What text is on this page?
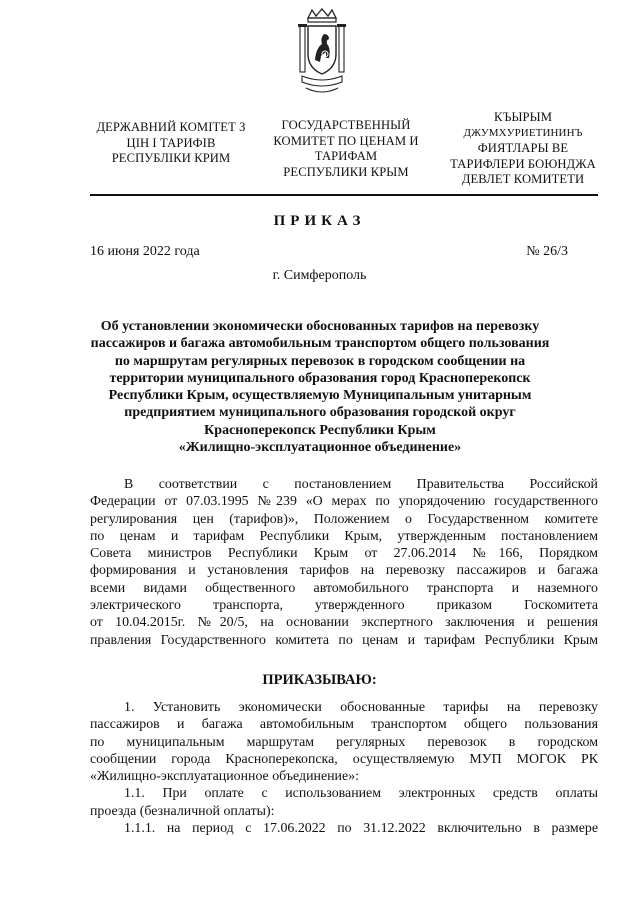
ДЕРЖАВНИЙ КОМІТЕТ З
ЦІН І ТАРИФІВ
РЕСПУБЛІКИ КРИМ
ГОСУДАРСТВЕННЫЙ
КОМИТЕТ ПО ЦЕНАМ И
ТАРИФАМ
РЕСПУБЛИКИ КРЫМ
КЪЫРЫМ
ДЖУМХУРИЕТИНИНЪ
ФИЯТЛАРЫ ВЕ
ТАРИФЛЕРИ БОЮНДЖА
ДЕВЛЕТ КОМИТЕТИ
ПРИКАЗ
16 июня 2022 года	№ 26/3
г. Симферополь
Об установлении экономически обоснованных тарифов на перевозку
пассажиров и багажа автомобильным транспортом общего пользования
по маршрутам регулярных перевозок в городском сообщении на
территории муниципального образования город Красноперекопск
Республики Крым, осуществляемую Муниципальным унитарным
предприятием муниципального образования городской округ
Красноперекопск Республики Крым
«Жилищно-эксплуатационное объединение»
В соответствии с постановлением Правительства Российской
Федерации от 07.03.1995 №239 «О мерах по упорядочению государственного
регулирования цен (тарифов)», Положением о Государственном комитете
по ценам и тарифам Республики Крым, утвержденным постановлением
Совета министров Республики Крым от 27.06.2014 №166, Порядком
формирования и установления тарифов на перевозку пассажиров и багажа
всеми видами общественного автомобильного транспорта и наземного
электрического транспорта, утвержденного приказом Госкомитета
от 10.04.2015г. №20/5, на основании экспертного заключения и решения
правления Государственного комитета по ценам и тарифам Республики Крым
ПРИКАЗЫВАЮ:
1. Установить экономически обоснованные тарифы на перевозку
пассажиров и багажа автомобильным транспортом общего пользования
по муниципальным маршрутам регулярных перевозок в городском
сообщении города Красноперекопска, осуществляемую МУП МОГОК РК
«Жилищно-эксплуатационное объединение»:
1.1. При оплате с использованием электронных средств оплаты
проезда (безналичной оплаты):
1.1.1. на период с 17.06.2022 по 31.12.2022 включительно в размере
